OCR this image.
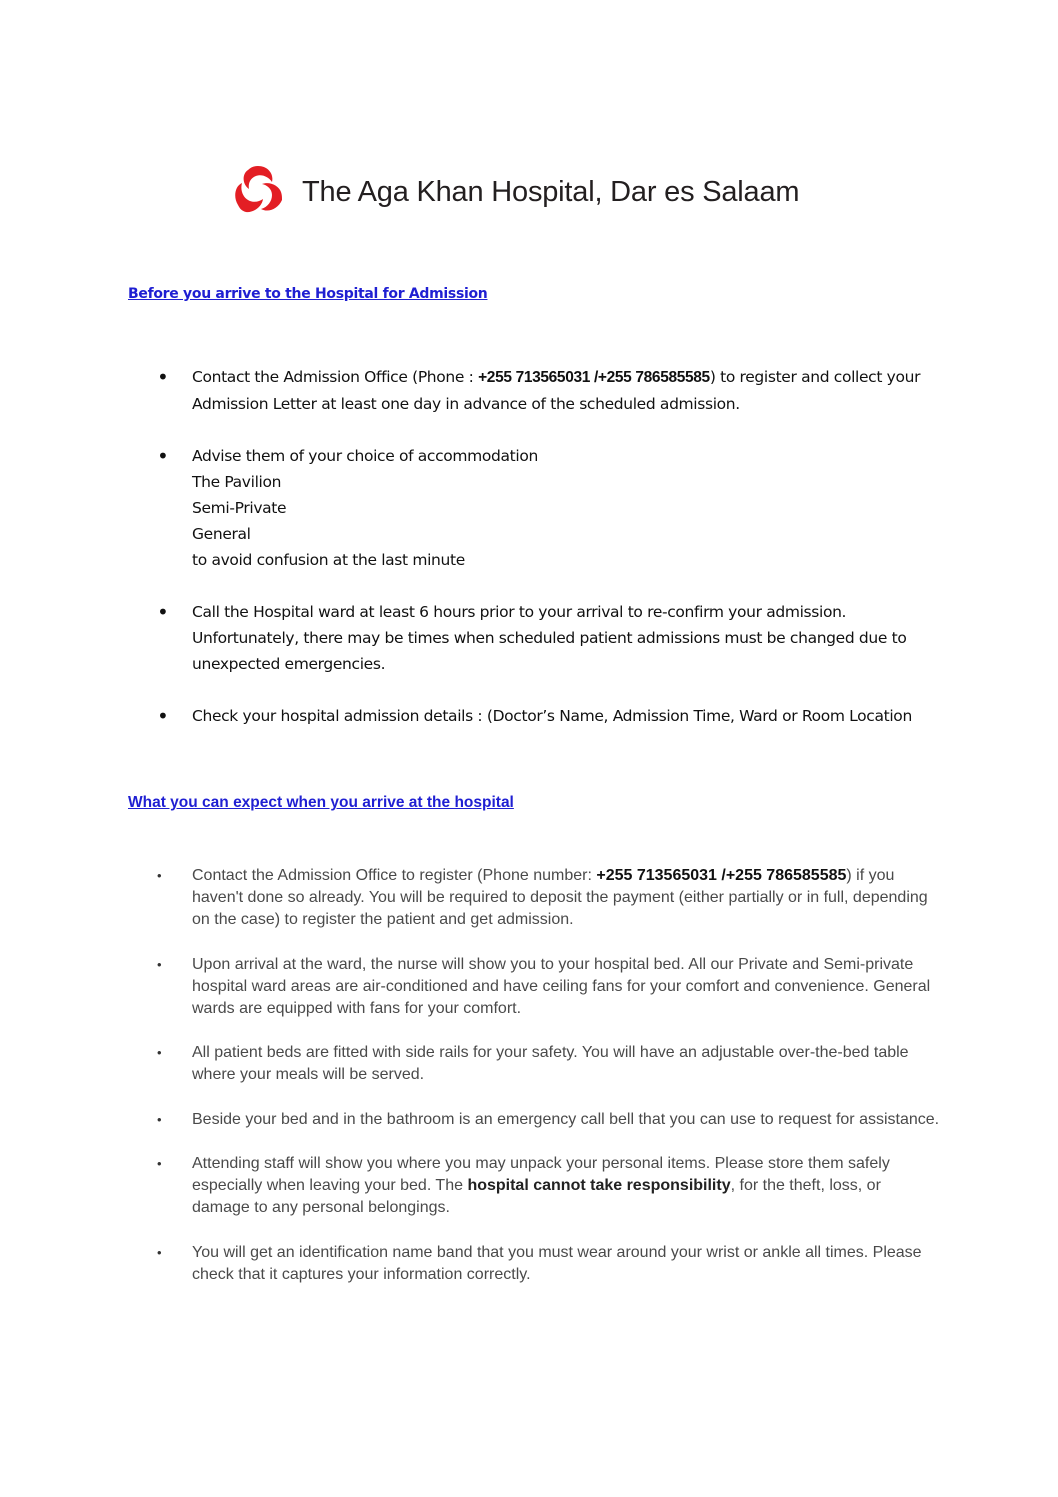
The Aga Khan Hospital, Dar es Salaam
Before you arrive to the Hospital for Admission
• Contact the Admission Office (Phone : +255 713565031 /+255 786585585) to register and collect your Admission Letter at least one day in advance of the scheduled admission.
• Advise them of your choice of accommodation
The Pavilion
Semi-Private
General
to avoid confusion at the last minute
• Call the Hospital ward at least 6 hours prior to your arrival to re-confirm your admission. Unfortunately, there may be times when scheduled patient admissions must be changed due to unexpected emergencies.
• Check your hospital admission details : (Doctor’s Name, Admission Time, Ward or Room Location
What you can expect when you arrive at the hospital
• Contact the Admission Office to register (Phone number: +255 713565031 /+255 786585585) if you haven't done so already. You will be required to deposit the payment (either partially or in full, depending on the case) to register the patient and get admission.
• Upon arrival at the ward, the nurse will show you to your hospital bed. All our Private and Semi-private hospital ward areas are air-conditioned and have ceiling fans for your comfort and convenience. General wards are equipped with fans for your comfort.
• All patient beds are fitted with side rails for your safety. You will have an adjustable over-the-bed table where your meals will be served.
• Beside your bed and in the bathroom is an emergency call bell that you can use to request for assistance.
• Attending staff will show you where you may unpack your personal items. Please store them safely especially when leaving your bed. The hospital cannot take responsibility, for the theft, loss, or damage to any personal belongings.
• You will get an identification name band that you must wear around your wrist or ankle all times. Please check that it captures your information correctly.
